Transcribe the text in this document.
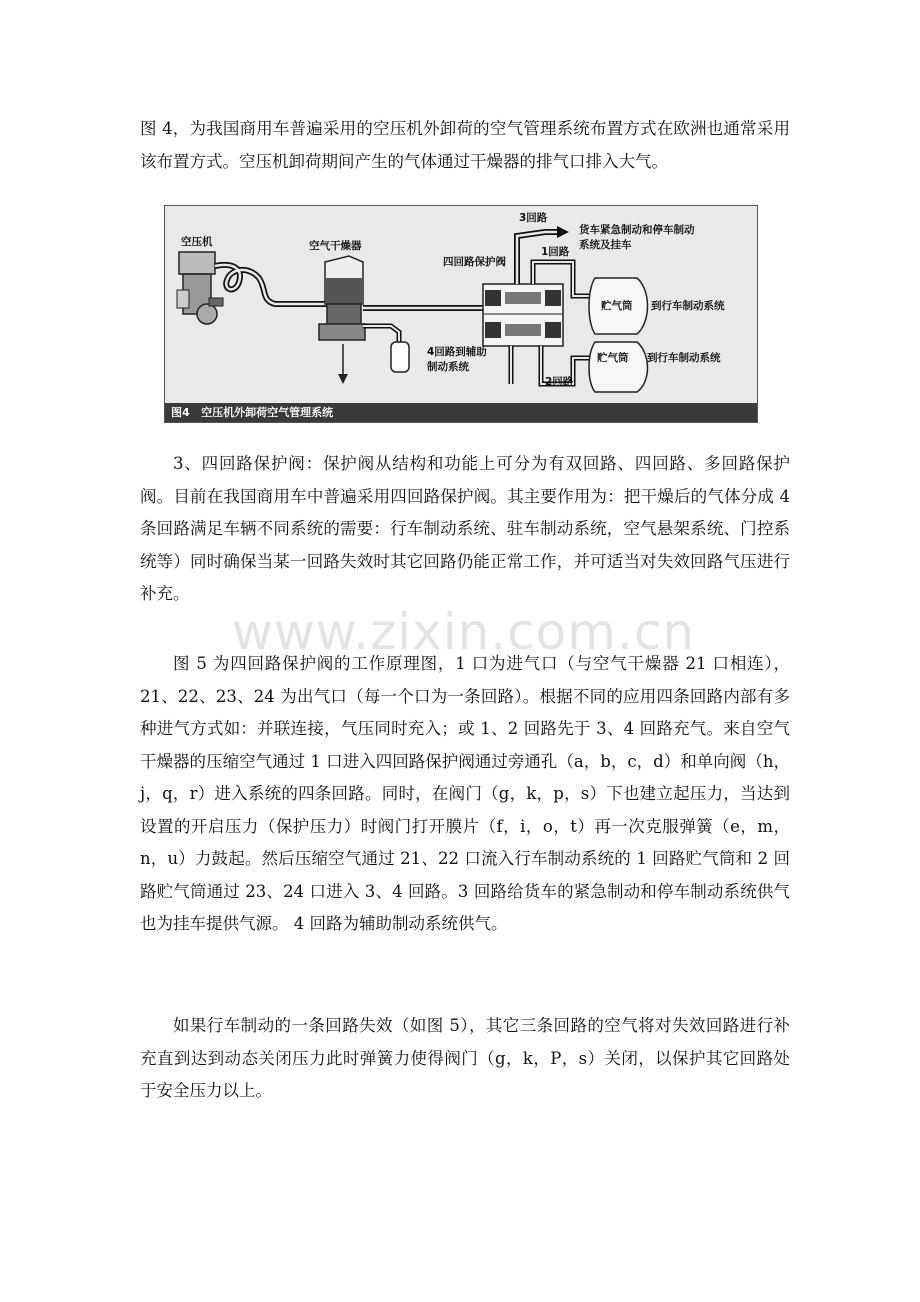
图 4，为我国商用车普遍采用的空压机外卸荷的空气管理系统布置方式在欧洲也通常采用该布置方式。空压机卸荷期间产生的气体通过干燥器的排气口排入大气。

空压机	空气干燥器
四回路保护阀
3回路
1回路
2回路
4回路到辅助
制动系统
货车紧急制动和停车制动
系统及挂车
贮气筒 到行车制动系统
贮气筒 到行车制动系统
图4 空压机外卸荷空气管理系统

3、四回路保护阀：保护阀从结构和功能上可分为有双回路、四回路、多回路保护阀。目前在我国商用车中普遍采用四回路保护阀。其主要作用为：把干燥后的气体分成 4 条回路满足车辆不同系统的需要：行车制动系统、驻车制动系统，空气悬架系统、门控系统等）同时确保当某一回路失效时其它回路仍能正常工作，并可适当对失效回路气压进行补充。

图 5 为四回路保护阀的工作原理图，1 口为进气口（与空气干燥器 21 口相连），21、22、23、24 为出气口（每一个口为一条回路）。根据不同的应用四条回路内部有多种进气方式如：并联连接，气压同时充入；或 1、2 回路先于 3、4 回路充气。来自空气干燥器的压缩空气通过 1 口进入四回路保护阀通过旁通孔（a，b，c，d）和单向阀（h，j，q，r）进入系统的四条回路。同时，在阀门（g，k，p，s）下也建立起压力，当达到设置的开启压力（保护压力）时阀门打开膜片（f，i，o，t）再一次克服弹簧（e，m，n，u）力鼓起。然后压缩空气通过 21、22 口流入行车制动系统的 1 回路贮气筒和 2 回路贮气筒通过 23、24 口进入 3、4 回路。3 回路给货车的紧急制动和停车制动系统供气也为挂车提供气源。 4 回路为辅助制动系统供气。

如果行车制动的一条回路失效（如图 5），其它三条回路的空气将对失效回路进行补充直到达到动态关闭压力此时弹簧力使得阀门（g，k，P，s）关闭，以保护其它回路处于安全压力以上。

www.zixin.com.cn
